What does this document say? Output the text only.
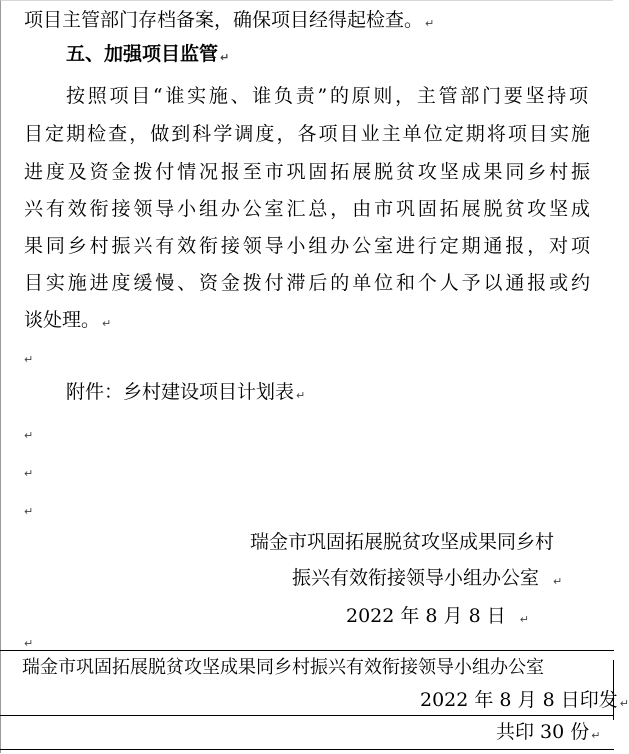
项目主管部门存档备案，确保项目经得起检查。 ↵
五、加强项目监管 ↵
按照项目“谁实施、谁负责”的原则，主管部门要坚持项
目定期检查，做到科学调度，各项目业主单位定期将项目实施
进度及资金拨付情况报至市巩固拓展脱贫攻坚成果同乡村振
兴有效衔接领导小组办公室汇总，由市巩固拓展脱贫攻坚成
果同乡村振兴有效衔接领导小组办公室进行定期通报，对项
目实施进度缓慢、资金拨付滞后的单位和个人予以通报或约
谈处理。 ↵
↵
附件：乡村建设项目计划表 ↵
↵
↵
↵
瑞金市巩固拓展脱贫攻坚成果同乡村
振兴有效衔接领导小组办公室 ↵
2022 年 8 月 8 日 ↵
↵
瑞金市巩固拓展脱贫攻坚成果同乡村振兴有效衔接领导小组办公室
2022 年 8 月 8 日印发 ↵
共印 30 份 ↵
